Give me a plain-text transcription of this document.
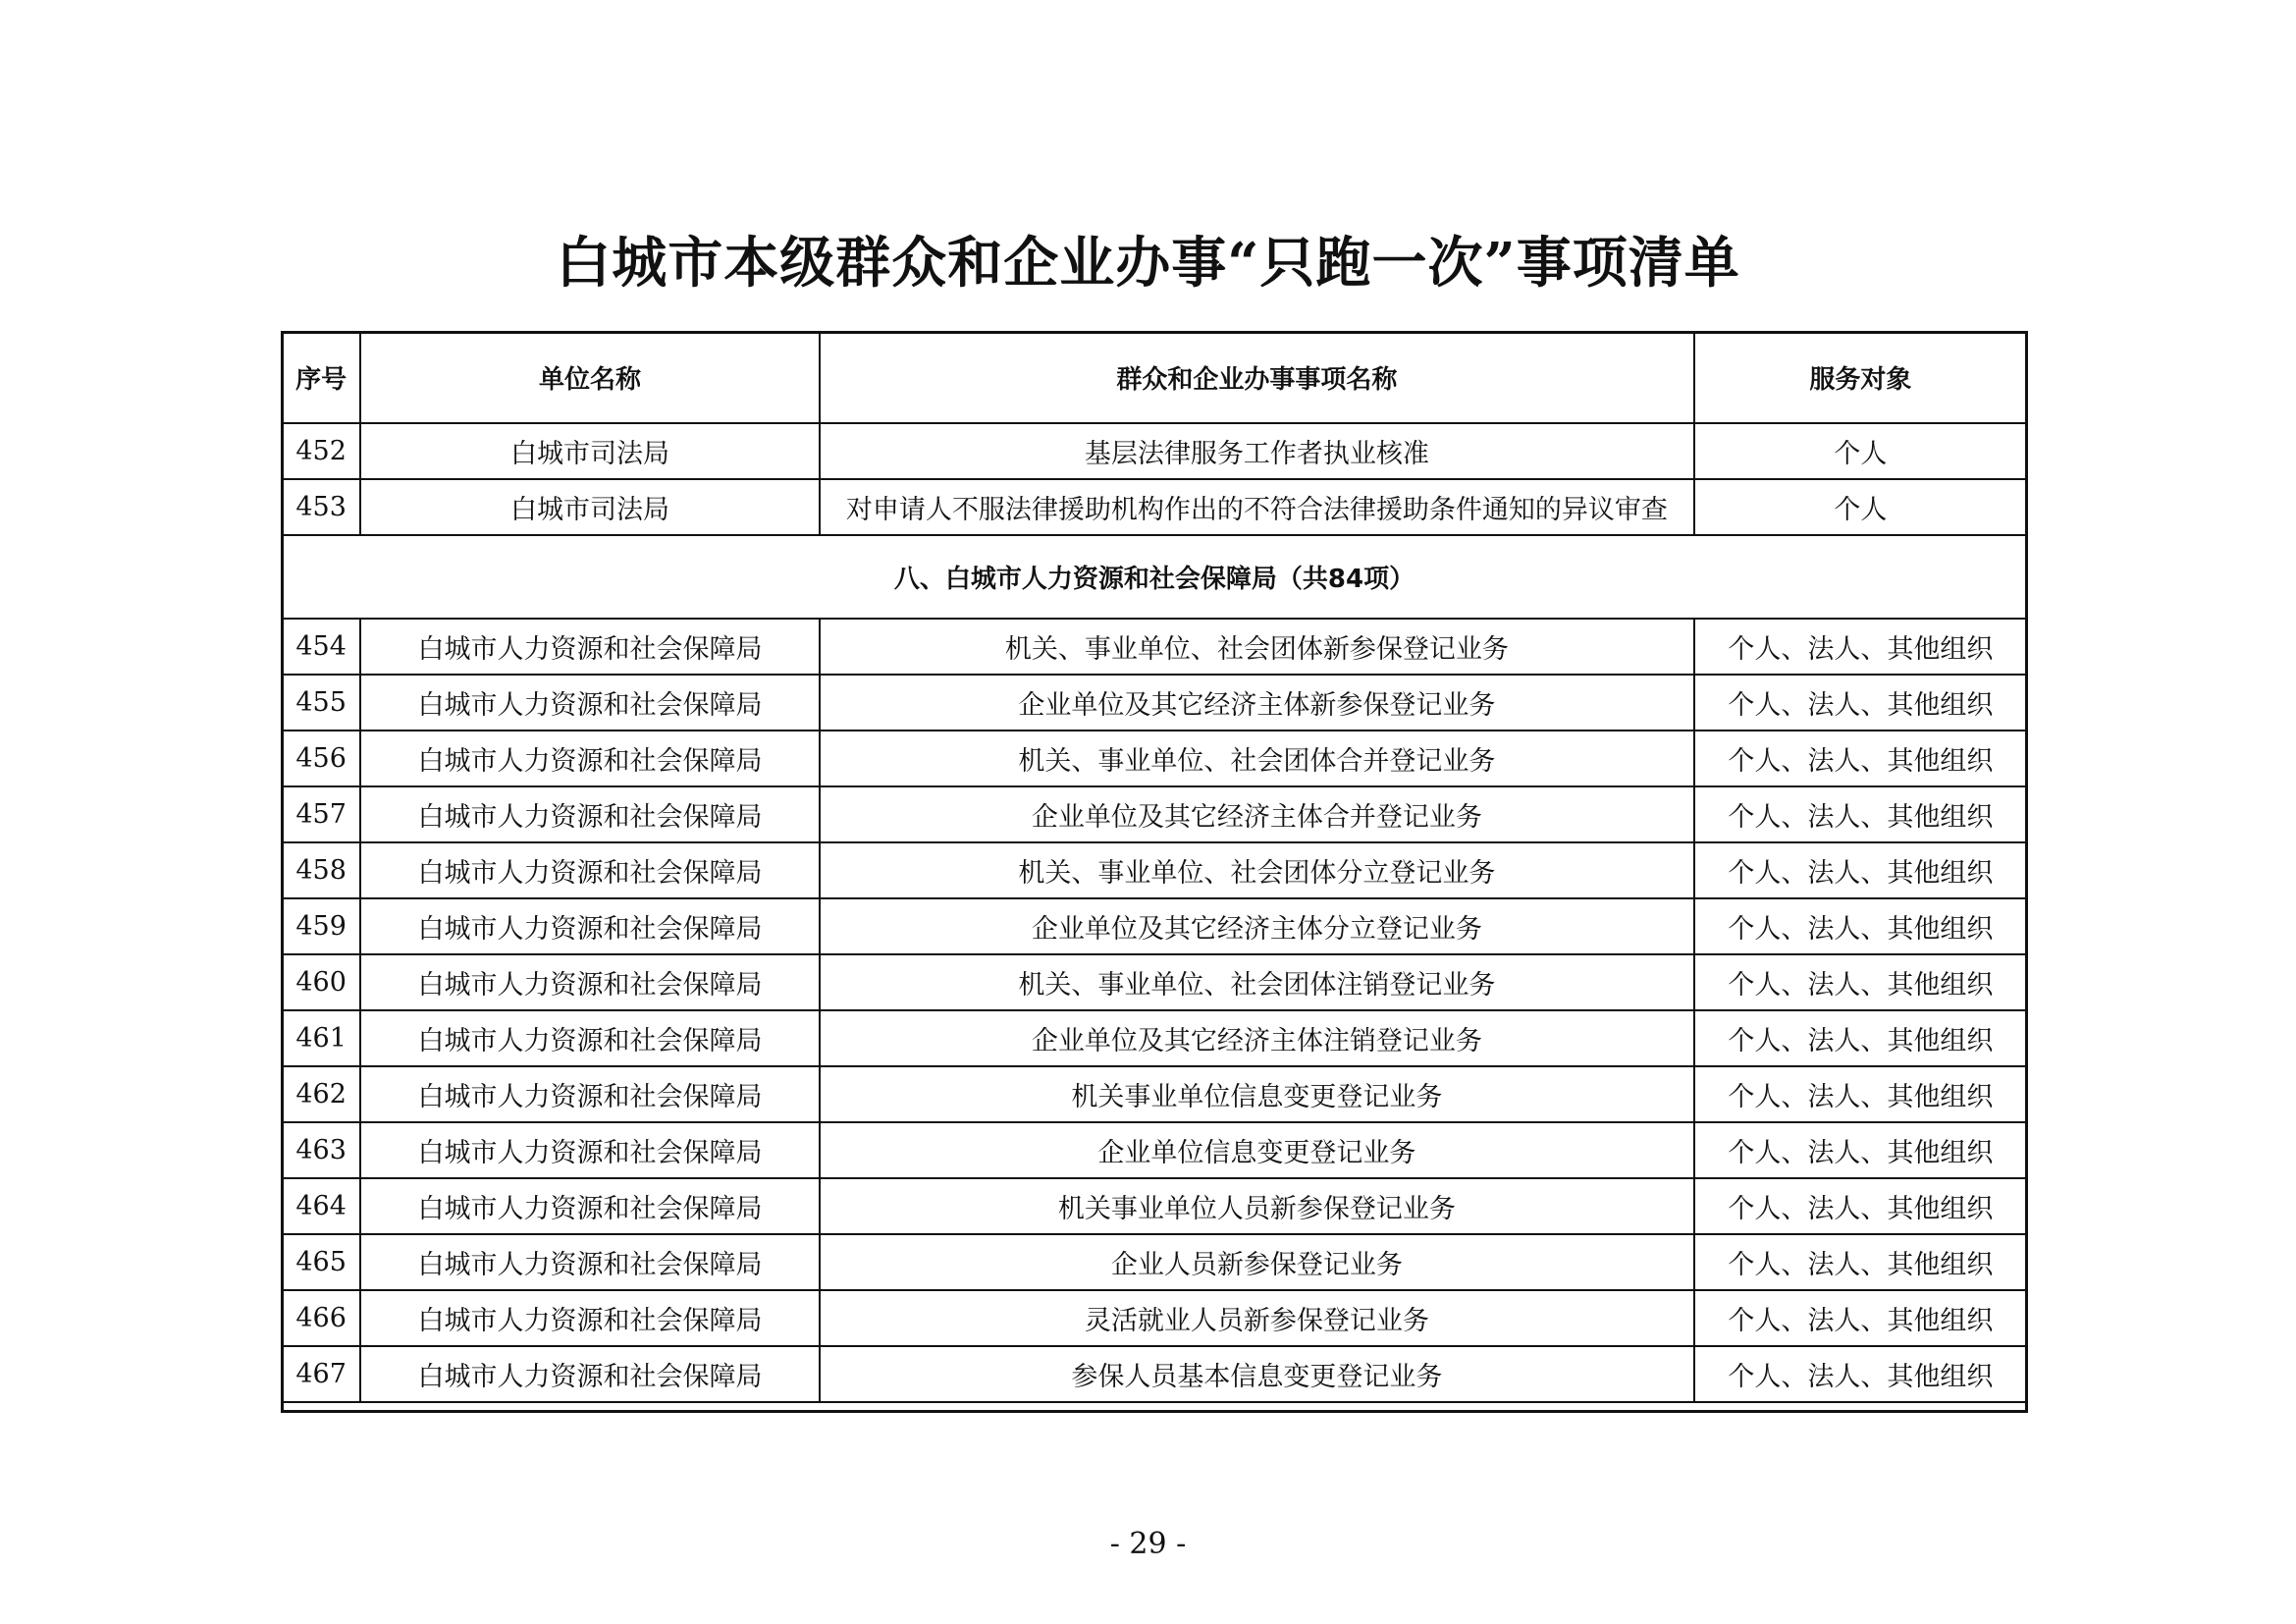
白城市本级群众和企业办事“只跑一次”事项清单
序号	单位名称	群众和企业办事事项名称	服务对象
452	白城市司法局	基层法律服务工作者执业核准	个人
453	白城市司法局	对申请人不服法律援助机构作出的不符合法律援助条件通知的异议审查	个人
八、白城市人力资源和社会保障局（共84项）			
454	白城市人力资源和社会保障局	机关、事业单位、社会团体新参保登记业务	个人、法人、其他组织
455	白城市人力资源和社会保障局	企业单位及其它经济主体新参保登记业务	个人、法人、其他组织
456	白城市人力资源和社会保障局	机关、事业单位、社会团体合并登记业务	个人、法人、其他组织
457	白城市人力资源和社会保障局	企业单位及其它经济主体合并登记业务	个人、法人、其他组织
458	白城市人力资源和社会保障局	机关、事业单位、社会团体分立登记业务	个人、法人、其他组织
459	白城市人力资源和社会保障局	企业单位及其它经济主体分立登记业务	个人、法人、其他组织
460	白城市人力资源和社会保障局	机关、事业单位、社会团体注销登记业务	个人、法人、其他组织
461	白城市人力资源和社会保障局	企业单位及其它经济主体注销登记业务	个人、法人、其他组织
462	白城市人力资源和社会保障局	机关事业单位信息变更登记业务	个人、法人、其他组织
463	白城市人力资源和社会保障局	企业单位信息变更登记业务	个人、法人、其他组织
464	白城市人力资源和社会保障局	机关事业单位人员新参保登记业务	个人、法人、其他组织
465	白城市人力资源和社会保障局	企业人员新参保登记业务	个人、法人、其他组织
466	白城市人力资源和社会保障局	灵活就业人员新参保登记业务	个人、法人、其他组织
467	白城市人力资源和社会保障局	参保人员基本信息变更登记业务	个人、法人、其他组织
- 29 -
